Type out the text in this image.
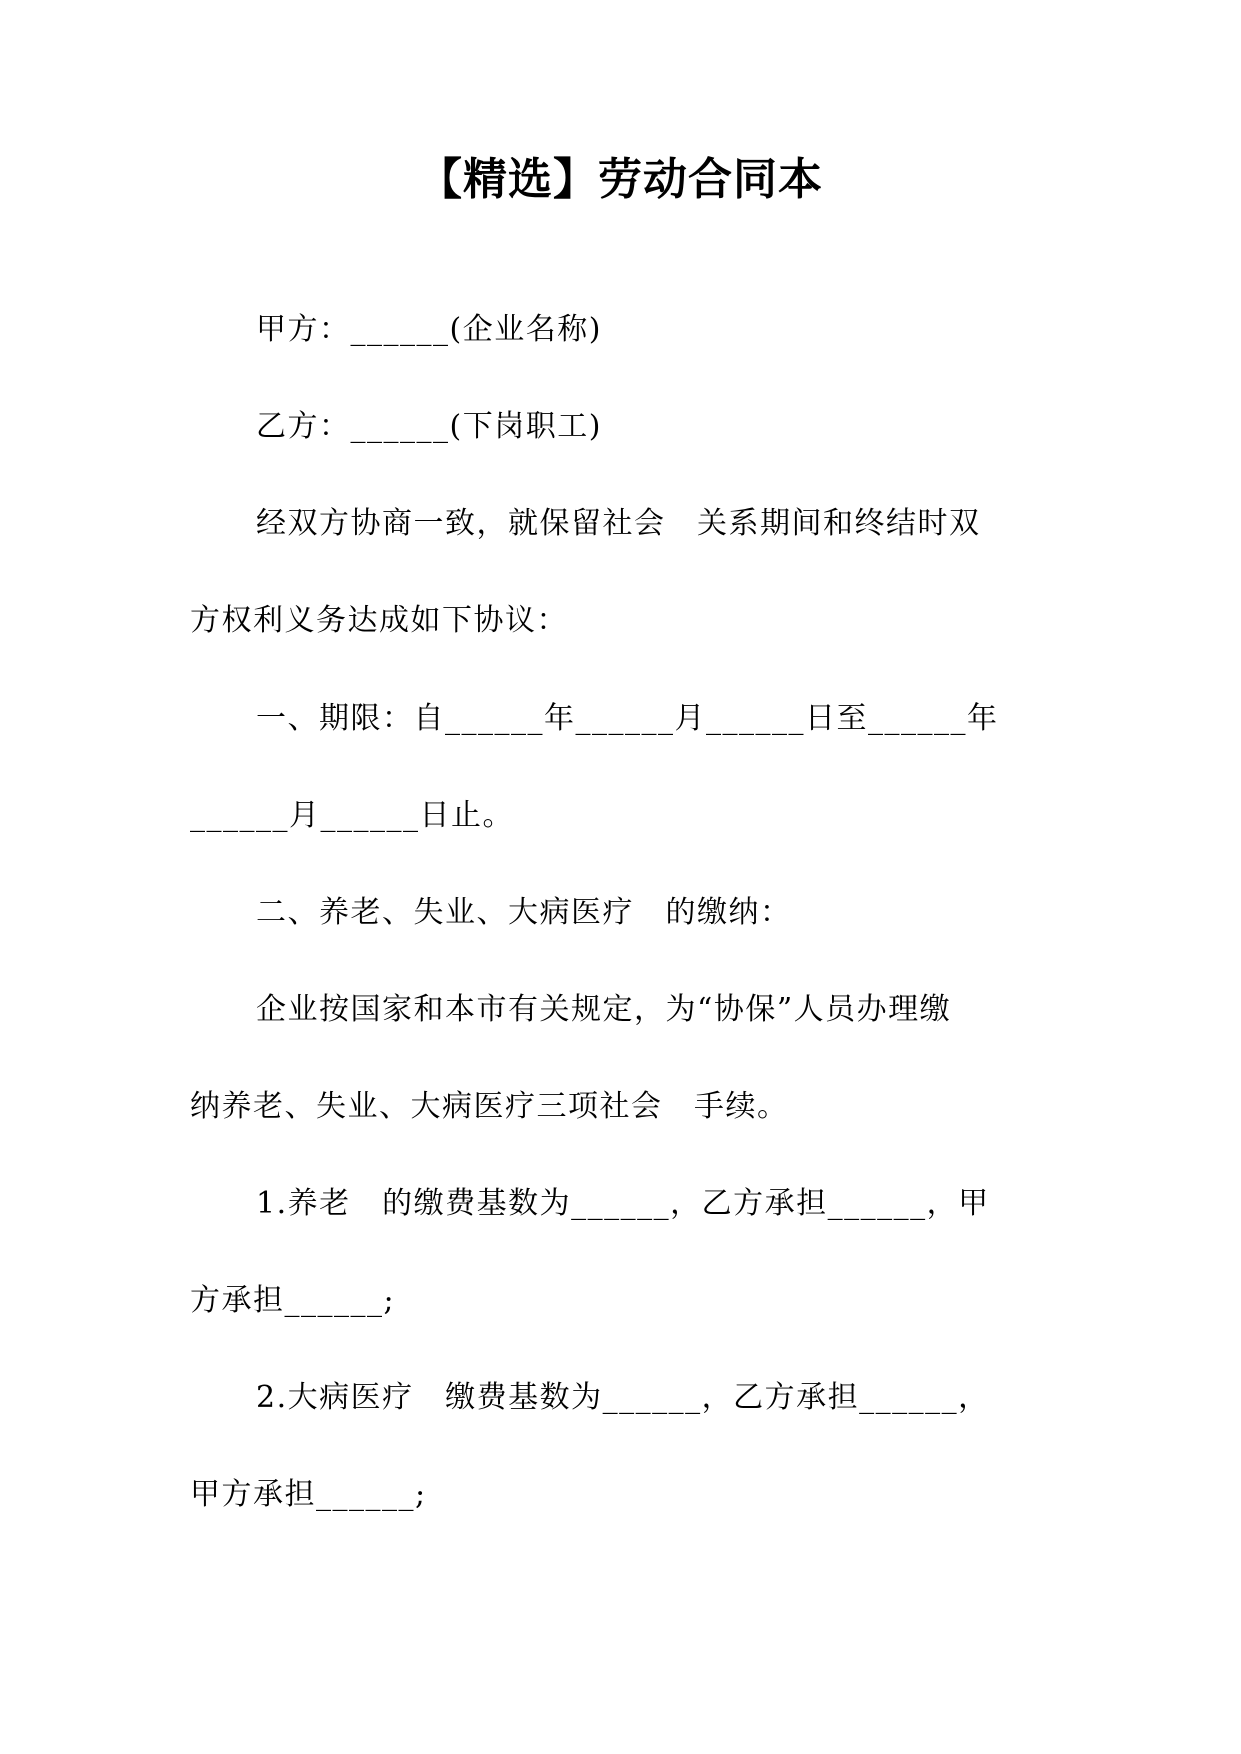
【精选】劳动合同本
甲方：______(企业名称)
乙方：______(下岗职工)
经双方协商一致，就保留社会　关系期间和终结时双
方权利义务达成如下协议：
一、期限：自______年______月______日至______年
______月______日止。
二、养老、失业、大病医疗　的缴纳：
企业按国家和本市有关规定，为“协保”人员办理缴
纳养老、失业、大病医疗三项社会　手续。
1.养老　的缴费基数为______，乙方承担______，甲
方承担______;
2.大病医疗　缴费基数为______，乙方承担______，
甲方承担______;
